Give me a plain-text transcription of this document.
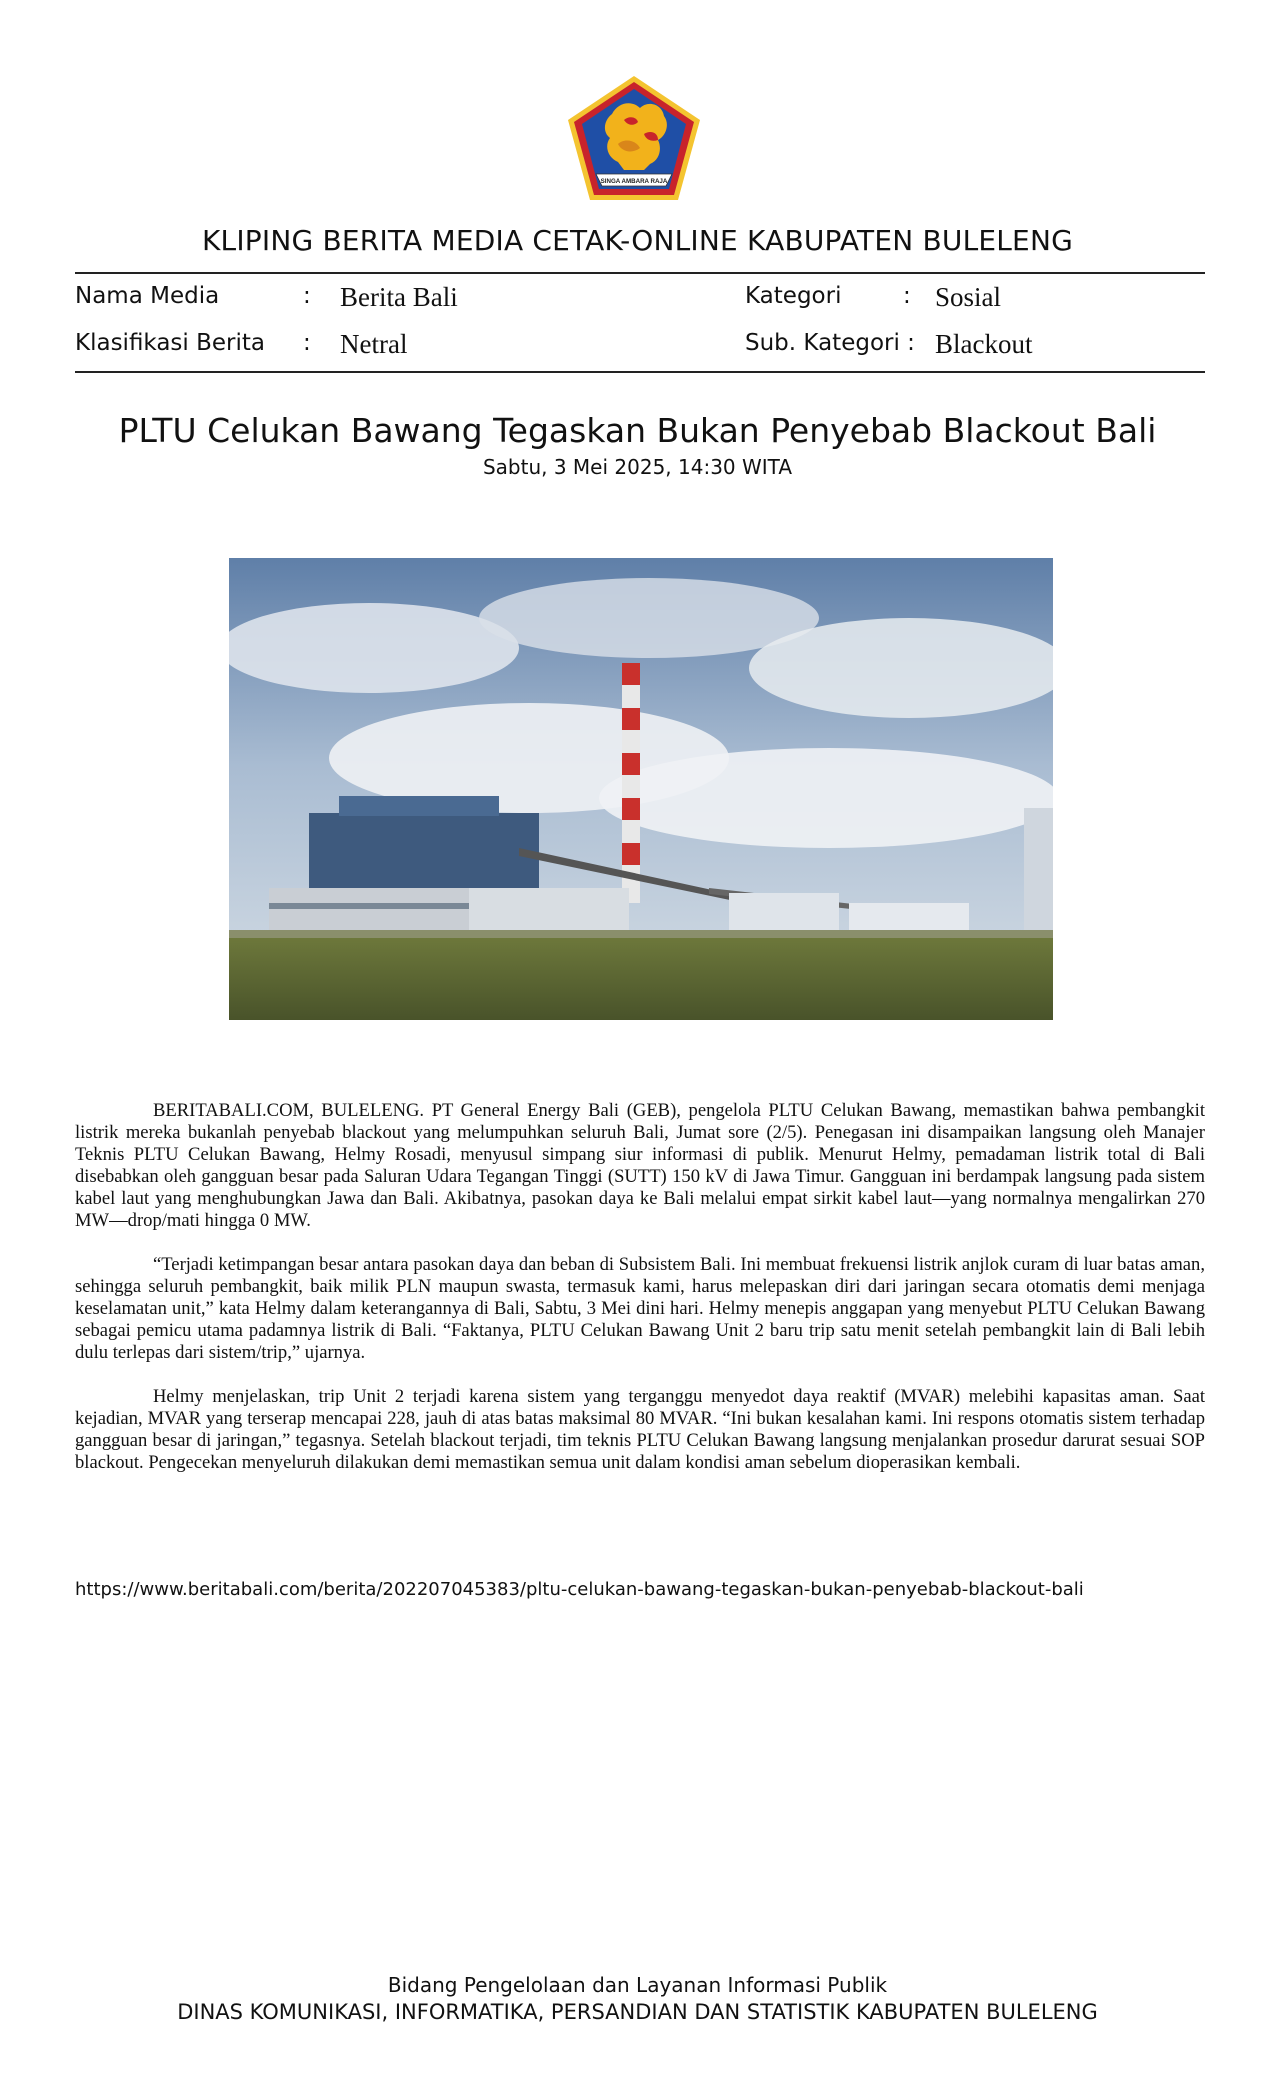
SINGA AMBARA RAJA
KLIPING BERITA MEDIA CETAK-ONLINE KABUPATEN BULELENG
Nama Media	: Berita Bali
Klasifikasi Berita : Netral
Kategori	: Sosial
Sub. Kategori : Blackout
PLTU Celukan Bawang Tegaskan Bukan Penyebab Blackout Bali
Sabtu, 3 Mei 2025, 14:30 WITA

BERITABALI.COM, BULELENG. PT General Energy Bali (GEB), pengelola PLTU Celukan Bawang, memastikan bahwa pembangkit listrik mereka bukanlah penyebab blackout yang melumpuhkan seluruh Bali, Jumat sore (2/5). Penegasan ini disampaikan langsung oleh Manajer Teknis PLTU Celukan Bawang, Helmy Rosadi, menyusul simpang siur informasi di publik. Menurut Helmy, pemadaman listrik total di Bali disebabkan oleh gangguan besar pada Saluran Udara Tegangan Tinggi (SUTT) 150 kV di Jawa Timur. Gangguan ini berdampak langsung pada sistem kabel laut yang menghubungkan Jawa dan Bali. Akibatnya, pasokan daya ke Bali melalui empat sirkit kabel laut—yang normalnya mengalirkan 270 MW—drop/mati hingga 0 MW.

“Terjadi ketimpangan besar antara pasokan daya dan beban di Subsistem Bali. Ini membuat frekuensi listrik anjlok curam di luar batas aman, sehingga seluruh pembangkit, baik milik PLN maupun swasta, termasuk kami, harus melepaskan diri dari jaringan secara otomatis demi menjaga keselamatan unit,” kata Helmy dalam keterangannya di Bali, Sabtu, 3 Mei dini hari. Helmy menepis anggapan yang menyebut PLTU Celukan Bawang sebagai pemicu utama padamnya listrik di Bali. “Faktanya, PLTU Celukan Bawang Unit 2 baru trip satu menit setelah pembangkit lain di Bali lebih dulu terlepas dari sistem/trip,” ujarnya.

Helmy menjelaskan, trip Unit 2 terjadi karena sistem yang terganggu menyedot daya reaktif (MVAR) melebihi kapasitas aman. Saat kejadian, MVAR yang terserap mencapai 228, jauh di atas batas maksimal 80 MVAR. “Ini bukan kesalahan kami. Ini respons otomatis sistem terhadap gangguan besar di jaringan,” tegasnya. Setelah blackout terjadi, tim teknis PLTU Celukan Bawang langsung menjalankan prosedur darurat sesuai SOP blackout. Pengecekan menyeluruh dilakukan demi memastikan semua unit dalam kondisi aman sebelum dioperasikan kembali.

https://www.beritabali.com/berita/202207045383/pltu-celukan-bawang-tegaskan-bukan-penyebab-blackout-bali
Bidang Pengelolaan dan Layanan Informasi Publik
DINAS KOMUNIKASI, INFORMATIKA, PERSANDIAN DAN STATISTIK KABUPATEN BULELENG
